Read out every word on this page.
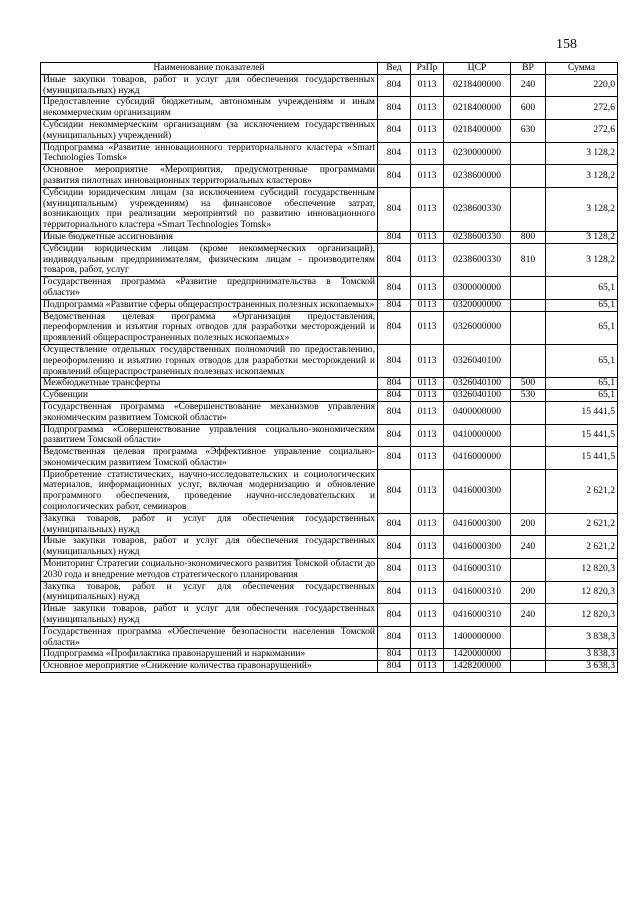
158
Наименование показателей	Вед	РзПр	ЦСР	ВР	Сумма
Иные закупки товаров, работ и услуг для обеспечения государственных (муниципальных) нужд	804	0113	0218400000	240	220,0
Предоставление субсидий бюджетным, автономным учреждениям и иным некоммерческим организациям	804	0113	0218400000	600	272,6
Субсидии некоммерческим организациям (за исключением государственных (муниципальных) учреждений)	804	0113	0218400000	630	272,6
Подпрограмма «Развитие инновационного территориального кластера «Smart Technologies Tomsk»	804	0113	0230000000		3 128,2
Основное мероприятие «Мероприятия, предусмотренные программами развития пилотных инновационных территориальных кластеров»	804	0113	0238600000		3 128,2
Субсидии юридическим лицам (за исключением субсидий государственным (муниципальным) учреждениям) на финансовое обеспечение затрат, возникающих при реализации мероприятий по развитию инновационного территориального кластера «Smart Technologies Tomsk»	804	0113	0238600330		3 128,2
Иные бюджетные ассигнования	804	0113	0238600330	800	3 128,2
Субсидии юридическим лицам (кроме некоммерческих организаций), индивидуальным предпринимателям, физическим лицам - производителям товаров, работ, услуг	804	0113	0238600330	810	3 128,2
Государственная программа «Развитие предпринимательства в Томской области»	804	0113	0300000000		65,1
Подпрограмма «Развитие сферы общераспространенных полезных ископаемых»	804	0113	0320000000		65,1
Ведомственная целевая программа «Организация предоставления, переоформления и изъятия горных отводов для разработки месторождений и проявлений общераспространенных полезных ископаемых»	804	0113	0326000000		65,1
Осуществление отдельных государственных полномочий по предоставлению, переоформлению и изъятию горных отводов для разработки месторождений и проявлений общераспространенных полезных ископаемых	804	0113	0326040100		65,1
Межбюджетные трансферты	804	0113	0326040100	500	65,1
Субвенции	804	0113	0326040100	530	65,1
Государственная программа «Совершенствование механизмов управления экономическим развитием Томской области»	804	0113	0400000000		15 441,5
Подпрограмма «Совершенствование управления социально-экономическим развитием Томской области»	804	0113	0410000000		15 441,5
Ведомственная целевая программа «Эффективное управление социально-экономическим развитием Томской области»	804	0113	0416000000		15 441,5
Приобретение статистических, научно-исследовательских и социологических материалов, информационных услуг, включая модернизацию и обновление программного обеспечения, проведение научно-исследовательских и социологических работ, семинаров	804	0113	0416000300		2 621,2
Закупка товаров, работ и услуг для обеспечения государственных (муниципальных) нужд	804	0113	0416000300	200	2 621,2
Иные закупки товаров, работ и услуг для обеспечения государственных (муниципальных) нужд	804	0113	0416000300	240	2 621,2
Мониторинг Стратегии социально-экономического развития Томской области до 2030 года и внедрение методов стратегического планирования	804	0113	0416000310		12 820,3
Закупка товаров, работ и услуг для обеспечения государственных (муниципальных) нужд	804	0113	0416000310	200	12 820,3
Иные закупки товаров, работ и услуг для обеспечения государственных (муниципальных) нужд	804	0113	0416000310	240	12 820,3
Государственная программа «Обеспечение безопасности населения Томской области»	804	0113	1400000000		3 838,3
Подпрограмма «Профилактика правонарушений и наркомании»	804	0113	1420000000		3 838,3
Основное мероприятие «Снижение количества правонарушений»	804	0113	1428200000		3 638,3
